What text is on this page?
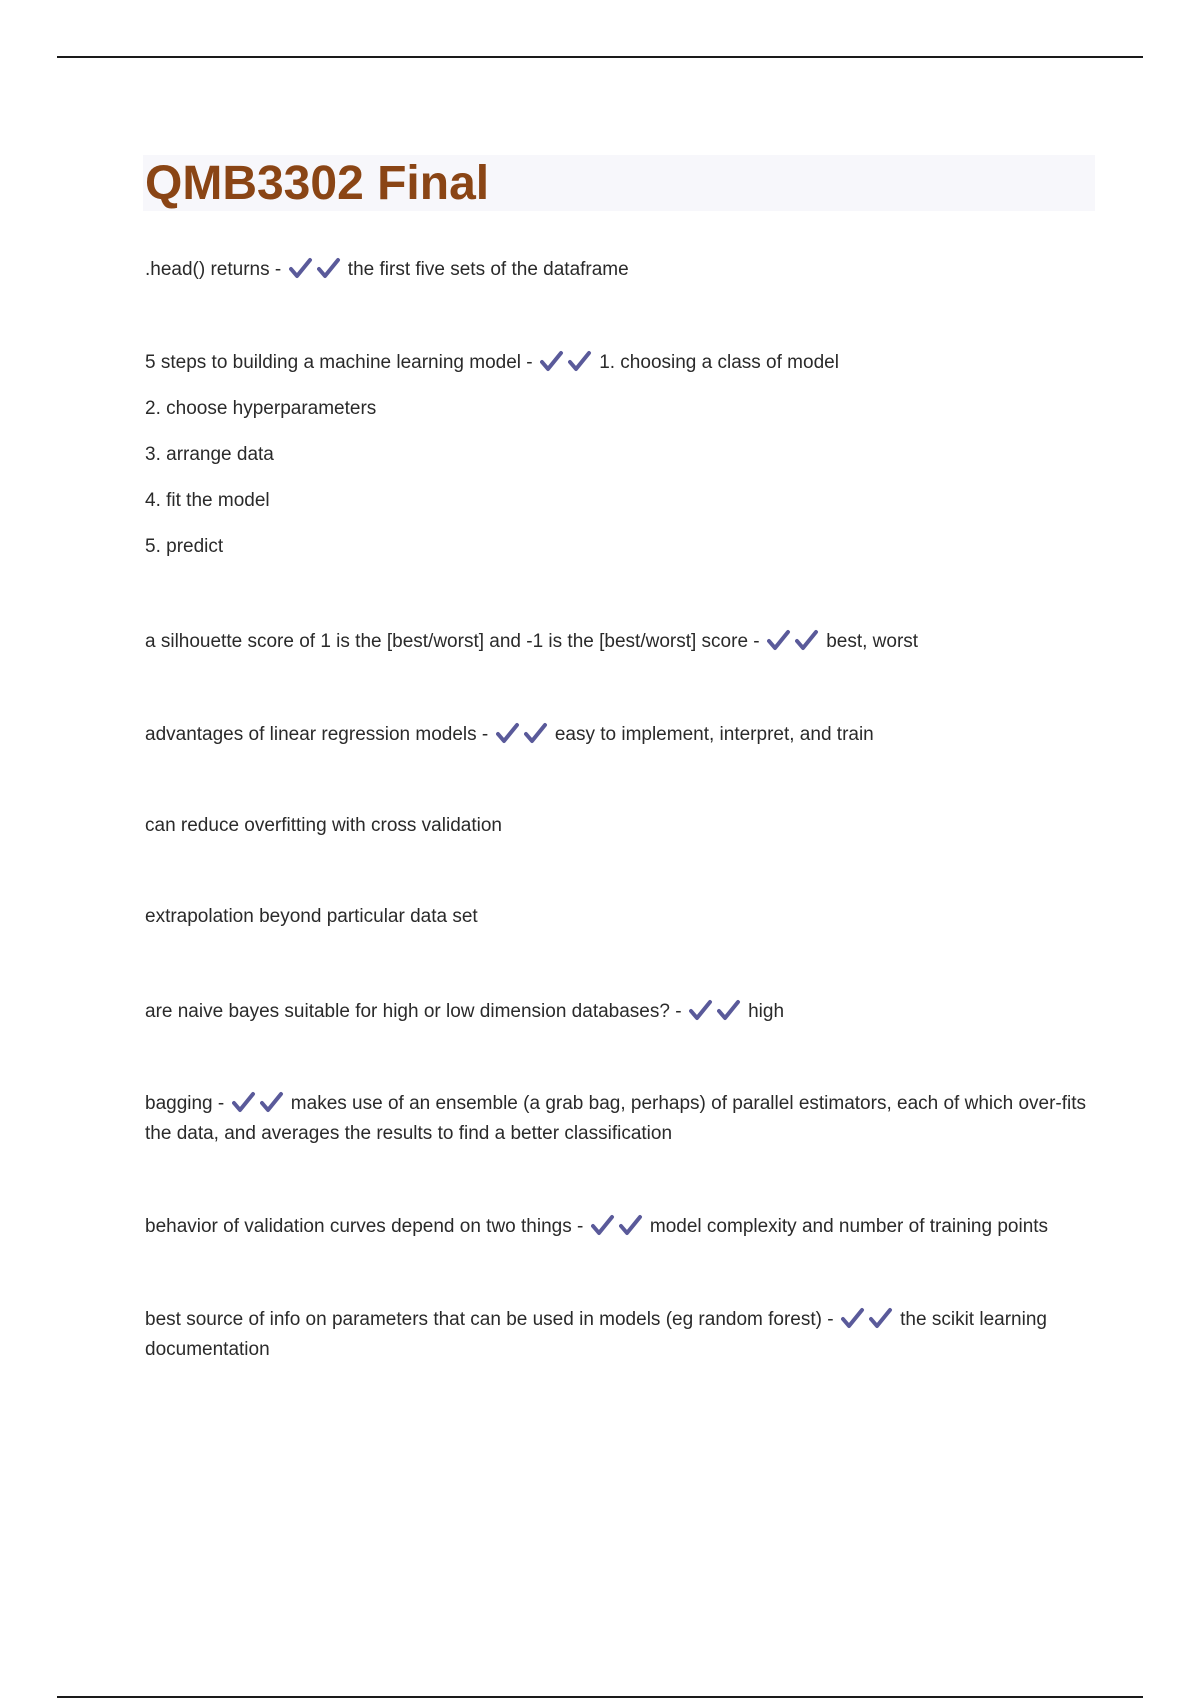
QMB3302 Final

.head() returns -	the first five sets of the dataframe

5 steps to building a machine learning model -	1. choosing a class of model

2. choose hyperparameters

3. arrange data

4. fit the model

5. predict

a silhouette score of 1 is the [best/worst] and -1 is the [best/worst] score -	best, worst

advantages of linear regression models -	easy to implement, interpret, and train

can reduce overfitting with cross validation

extrapolation beyond particular data set

are naive bayes suitable for high or low dimension databases? -	high

bagging -	makes use of an ensemble (a grab bag, perhaps) of parallel estimators, each of which over-fits the data, and averages the results to find a better classification

behavior of validation curves depend on two things -	model complexity and number of training points

best source of info on parameters that can be used in models (eg random forest) -	the scikit learning documentation
